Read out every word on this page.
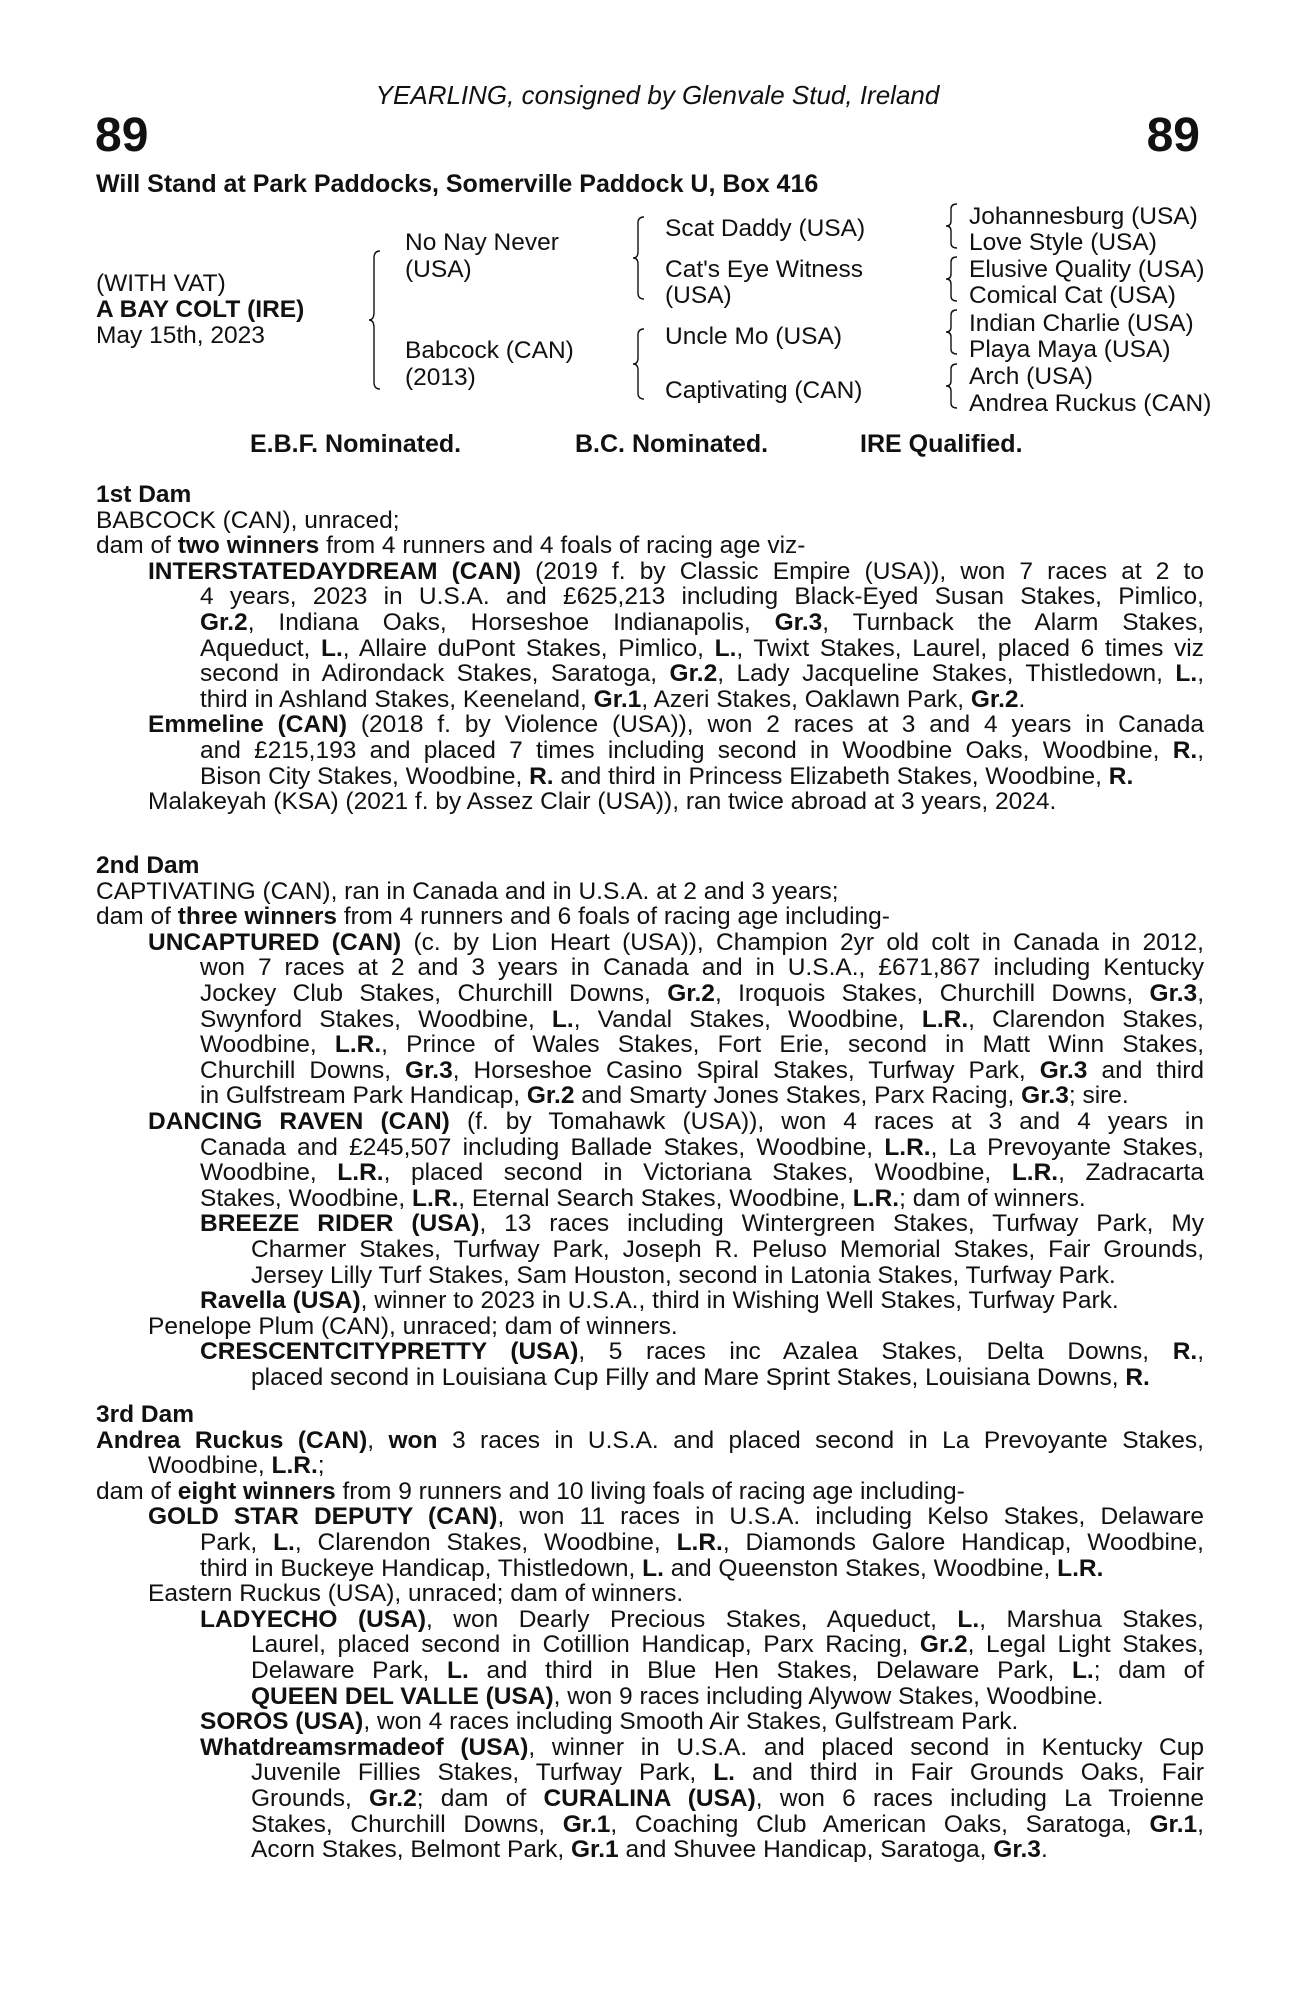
YEARLING, consigned by Glenvale Stud, Ireland
89	89
Will Stand at Park Paddocks, Somerville Paddock U, Box 416
(WITH VAT)
A BAY COLT (IRE)
May 15th, 2023
No Nay Never
(USA)
Babcock (CAN)
(2013)
Scat Daddy (USA)
Cat's Eye Witness
(USA)
Uncle Mo (USA)
Captivating (CAN)
Johannesburg (USA)
Love Style (USA)
Elusive Quality (USA)
Comical Cat (USA)
Indian Charlie (USA)
Playa Maya (USA)
Arch (USA)
Andrea Ruckus (CAN)
E.B.F. Nominated.	B.C. Nominated.	IRE Qualified.
1st Dam
BABCOCK (CAN), unraced;
dam of two winners from 4 runners and 4 foals of racing age viz-
INTERSTATEDAYDREAM (CAN) (2019 f. by Classic Empire (USA)), won 7 races at 2 to
4 years, 2023 in U.S.A. and £625,213 including Black-Eyed Susan Stakes, Pimlico,
Gr.2, Indiana Oaks, Horseshoe Indianapolis, Gr.3, Turnback the Alarm Stakes,
Aqueduct, L., Allaire duPont Stakes, Pimlico, L., Twixt Stakes, Laurel, placed 6 times viz
second in Adirondack Stakes, Saratoga, Gr.2, Lady Jacqueline Stakes, Thistledown, L.,
third in Ashland Stakes, Keeneland, Gr.1, Azeri Stakes, Oaklawn Park, Gr.2.
Emmeline (CAN) (2018 f. by Violence (USA)), won 2 races at 3 and 4 years in Canada
and £215,193 and placed 7 times including second in Woodbine Oaks, Woodbine, R.,
Bison City Stakes, Woodbine, R. and third in Princess Elizabeth Stakes, Woodbine, R.
Malakeyah (KSA) (2021 f. by Assez Clair (USA)), ran twice abroad at 3 years, 2024.
2nd Dam
CAPTIVATING (CAN), ran in Canada and in U.S.A. at 2 and 3 years;
dam of three winners from 4 runners and 6 foals of racing age including-
UNCAPTURED (CAN) (c. by Lion Heart (USA)), Champion 2yr old colt in Canada in 2012,
won 7 races at 2 and 3 years in Canada and in U.S.A., £671,867 including Kentucky
Jockey Club Stakes, Churchill Downs, Gr.2, Iroquois Stakes, Churchill Downs, Gr.3,
Swynford Stakes, Woodbine, L., Vandal Stakes, Woodbine, L.R., Clarendon Stakes,
Woodbine, L.R., Prince of Wales Stakes, Fort Erie, second in Matt Winn Stakes,
Churchill Downs, Gr.3, Horseshoe Casino Spiral Stakes, Turfway Park, Gr.3 and third
in Gulfstream Park Handicap, Gr.2 and Smarty Jones Stakes, Parx Racing, Gr.3; sire.
DANCING RAVEN (CAN) (f. by Tomahawk (USA)), won 4 races at 3 and 4 years in
Canada and £245,507 including Ballade Stakes, Woodbine, L.R., La Prevoyante Stakes,
Woodbine, L.R., placed second in Victoriana Stakes, Woodbine, L.R., Zadracarta
Stakes, Woodbine, L.R., Eternal Search Stakes, Woodbine, L.R.; dam of winners.
BREEZE RIDER (USA), 13 races including Wintergreen Stakes, Turfway Park, My
Charmer Stakes, Turfway Park, Joseph R. Peluso Memorial Stakes, Fair Grounds,
Jersey Lilly Turf Stakes, Sam Houston, second in Latonia Stakes, Turfway Park.
Ravella (USA), winner to 2023 in U.S.A., third in Wishing Well Stakes, Turfway Park.
Penelope Plum (CAN), unraced; dam of winners.
CRESCENTCITYPRETTY (USA), 5 races inc Azalea Stakes, Delta Downs, R.,
placed second in Louisiana Cup Filly and Mare Sprint Stakes, Louisiana Downs, R.
3rd Dam
Andrea Ruckus (CAN), won 3 races in U.S.A. and placed second in La Prevoyante Stakes,
Woodbine, L.R.;
dam of eight winners from 9 runners and 10 living foals of racing age including-
GOLD STAR DEPUTY (CAN), won 11 races in U.S.A. including Kelso Stakes, Delaware
Park, L., Clarendon Stakes, Woodbine, L.R., Diamonds Galore Handicap, Woodbine,
third in Buckeye Handicap, Thistledown, L. and Queenston Stakes, Woodbine, L.R.
Eastern Ruckus (USA), unraced; dam of winners.
LADYECHO (USA), won Dearly Precious Stakes, Aqueduct, L., Marshua Stakes,
Laurel, placed second in Cotillion Handicap, Parx Racing, Gr.2, Legal Light Stakes,
Delaware Park, L. and third in Blue Hen Stakes, Delaware Park, L.; dam of
QUEEN DEL VALLE (USA), won 9 races including Alywow Stakes, Woodbine.
SOROS (USA), won 4 races including Smooth Air Stakes, Gulfstream Park.
Whatdreamsrmadeof (USA), winner in U.S.A. and placed second in Kentucky Cup
Juvenile Fillies Stakes, Turfway Park, L. and third in Fair Grounds Oaks, Fair
Grounds, Gr.2; dam of CURALINA (USA), won 6 races including La Troienne
Stakes, Churchill Downs, Gr.1, Coaching Club American Oaks, Saratoga, Gr.1,
Acorn Stakes, Belmont Park, Gr.1 and Shuvee Handicap, Saratoga, Gr.3.
